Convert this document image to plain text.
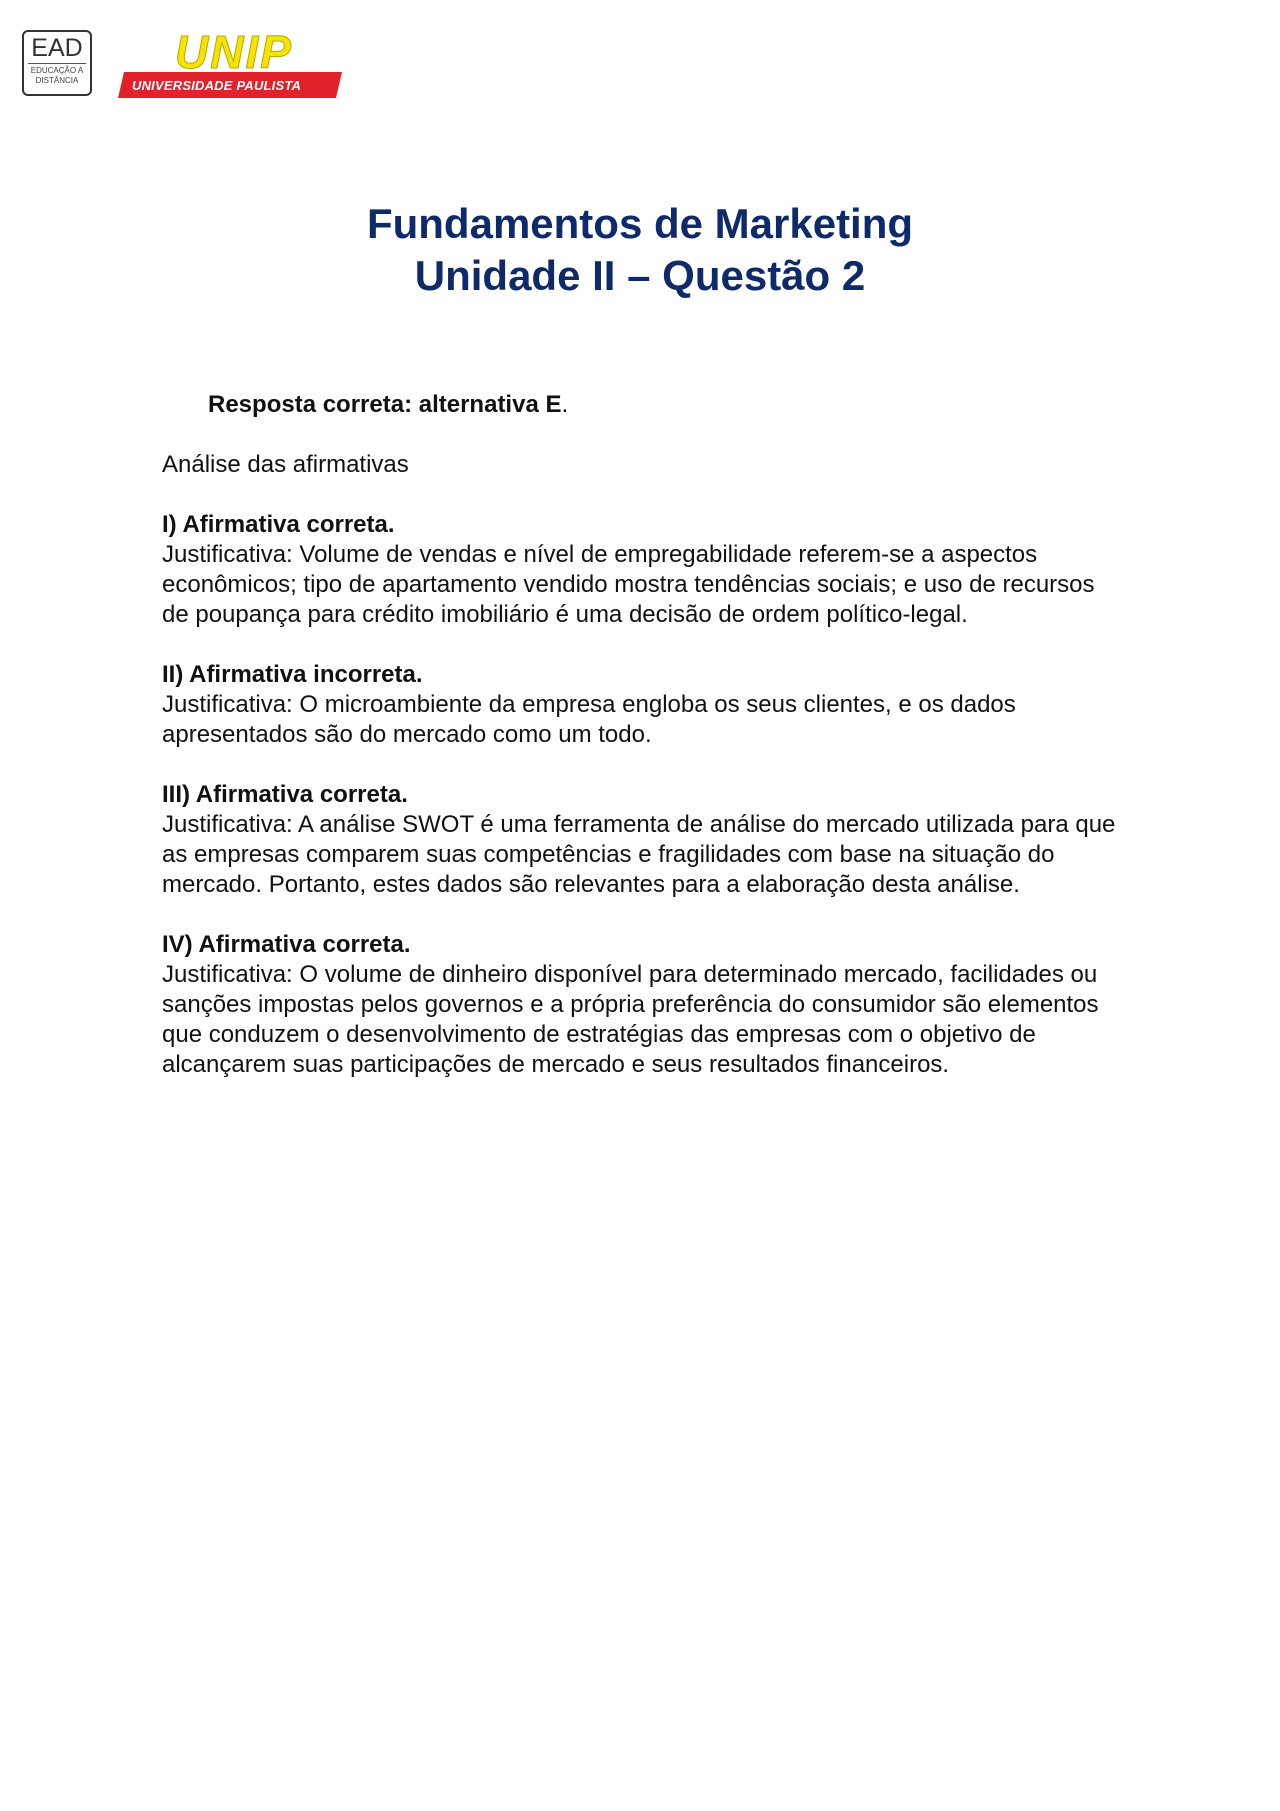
EAD
EDUCAÇÃO A
DISTÂNCIA
UNIP
UNIVERSIDADE PAULISTA
Fundamentos de Marketing
Unidade II – Questão 2
Resposta correta: alternativa E.
Análise das afirmativas
I) Afirmativa correta.

Justificativa: Volume de vendas e nível de empregabilidade referem-se a aspectos econômicos; tipo de apartamento vendido mostra tendências sociais; e uso de recursos de poupança para crédito imobiliário é uma decisão de ordem político-legal.

II) Afirmativa incorreta.

Justificativa: O microambiente da empresa engloba os seus clientes, e os dados apresentados são do mercado como um todo.

III) Afirmativa correta.

Justificativa: A análise SWOT é uma ferramenta de análise do mercado utilizada para que as empresas comparem suas competências e fragilidades com base na situação do mercado. Portanto, estes dados são relevantes para a elaboração desta análise.

IV) Afirmativa correta.

Justificativa: O volume de dinheiro disponível para determinado mercado, facilidades ou sanções impostas pelos governos e a própria preferência do consumidor são elementos que conduzem o desenvolvimento de estratégias das empresas com o objetivo de alcançarem suas participações de mercado e seus resultados financeiros.
